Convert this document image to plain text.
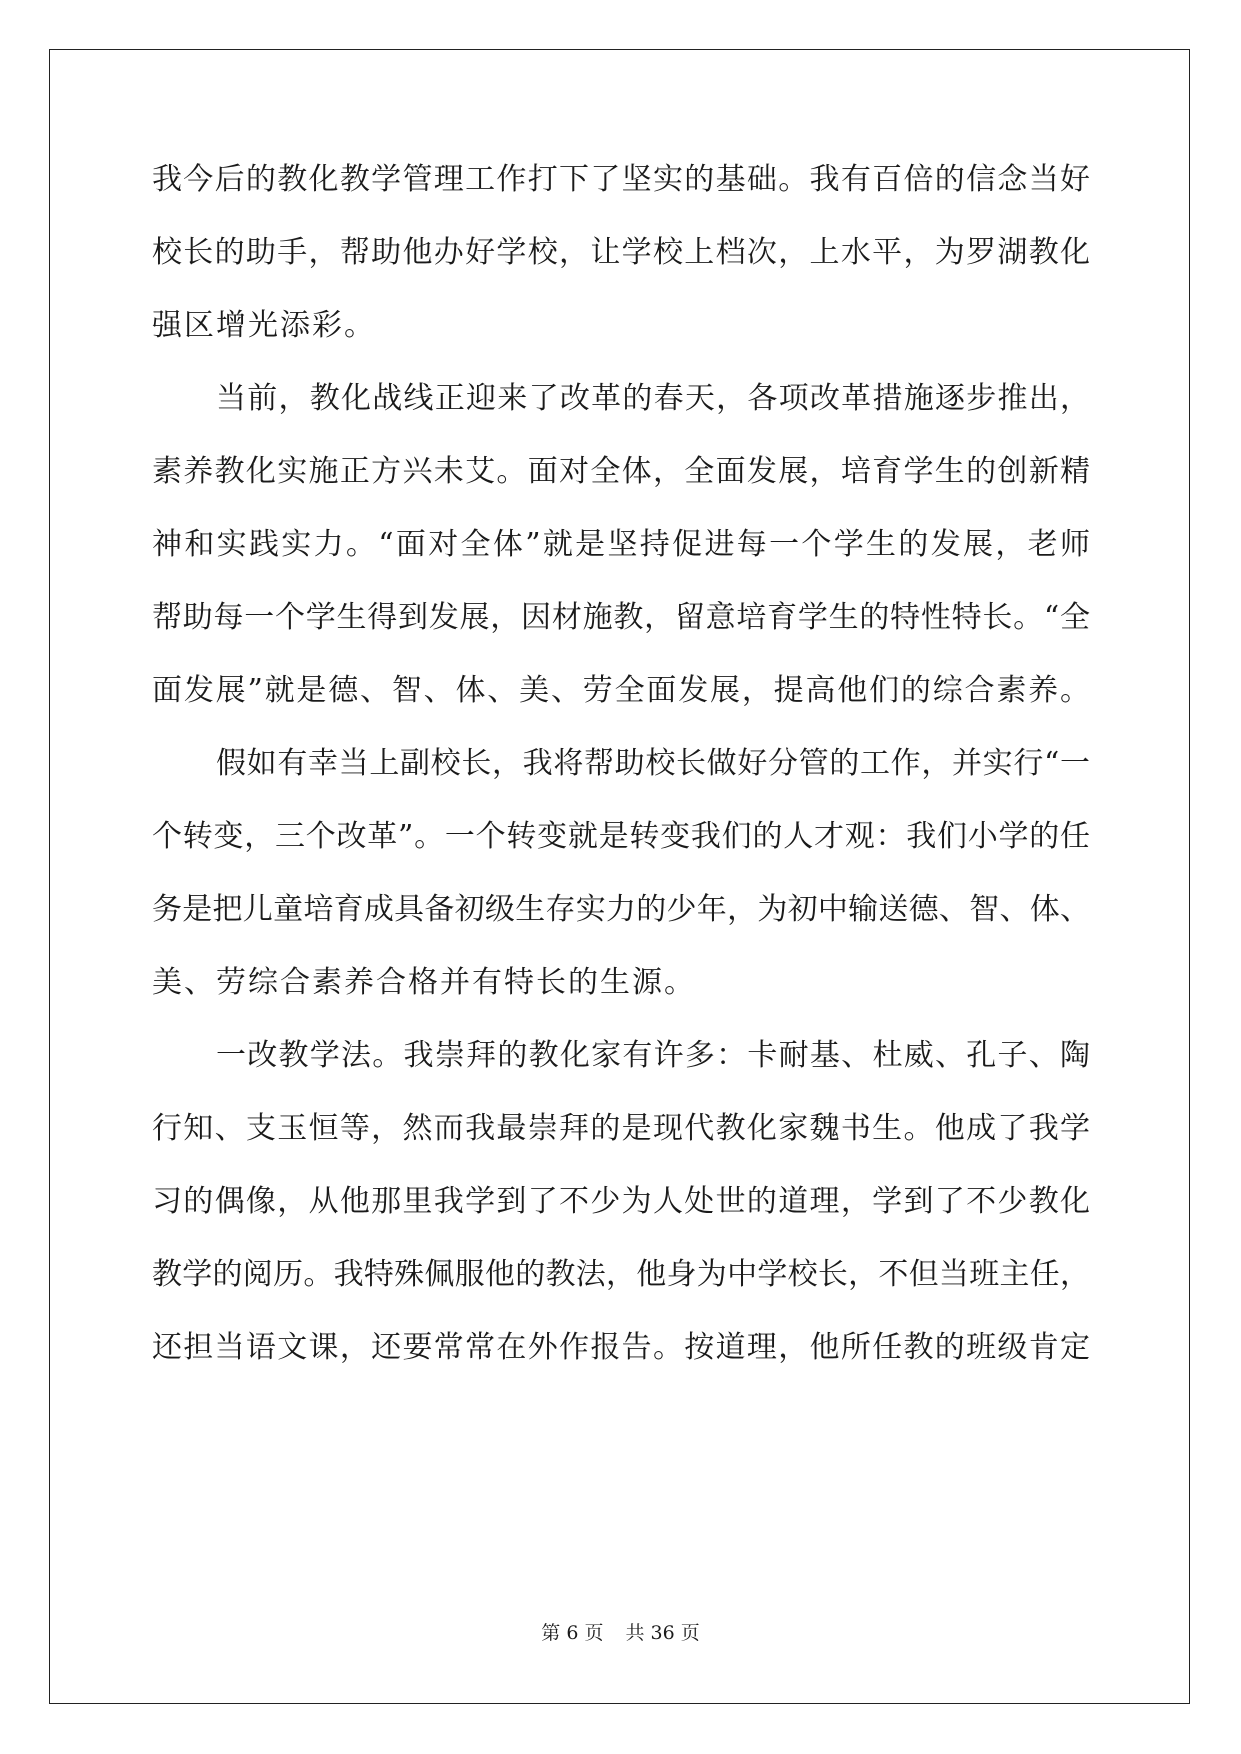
我今后的教化教学管理工作打下了坚实的基础。我有百倍的信念当好
校长的助手，帮助他办好学校，让学校上档次，上水平，为罗湖教化
强区增光添彩。
当前，教化战线正迎来了改革的春天，各项改革措施逐步推出，
素养教化实施正方兴未艾。面对全体，全面发展，培育学生的创新精
神和实践实力。“面对全体”就是坚持促进每一个学生的发展，老师
帮助每一个学生得到发展，因材施教，留意培育学生的特性特长。“全
面发展”就是德、智、体、美、劳全面发展，提高他们的综合素养。
假如有幸当上副校长，我将帮助校长做好分管的工作，并实行“一
个转变，三个改革”。一个转变就是转变我们的人才观：我们小学的任
务是把儿童培育成具备初级生存实力的少年，为初中输送德、智、体、
美、劳综合素养合格并有特长的生源。
一改教学法。我崇拜的教化家有许多：卡耐基、杜威、孔子、陶
行知、支玉恒等，然而我最崇拜的是现代教化家魏书生。他成了我学
习的偶像，从他那里我学到了不少为人处世的道理，学到了不少教化
教学的阅历。我特殊佩服他的教法，他身为中学校长，不但当班主任，
还担当语文课，还要常常在外作报告。按道理，他所任教的班级肯定
第 6 页 共 36 页
